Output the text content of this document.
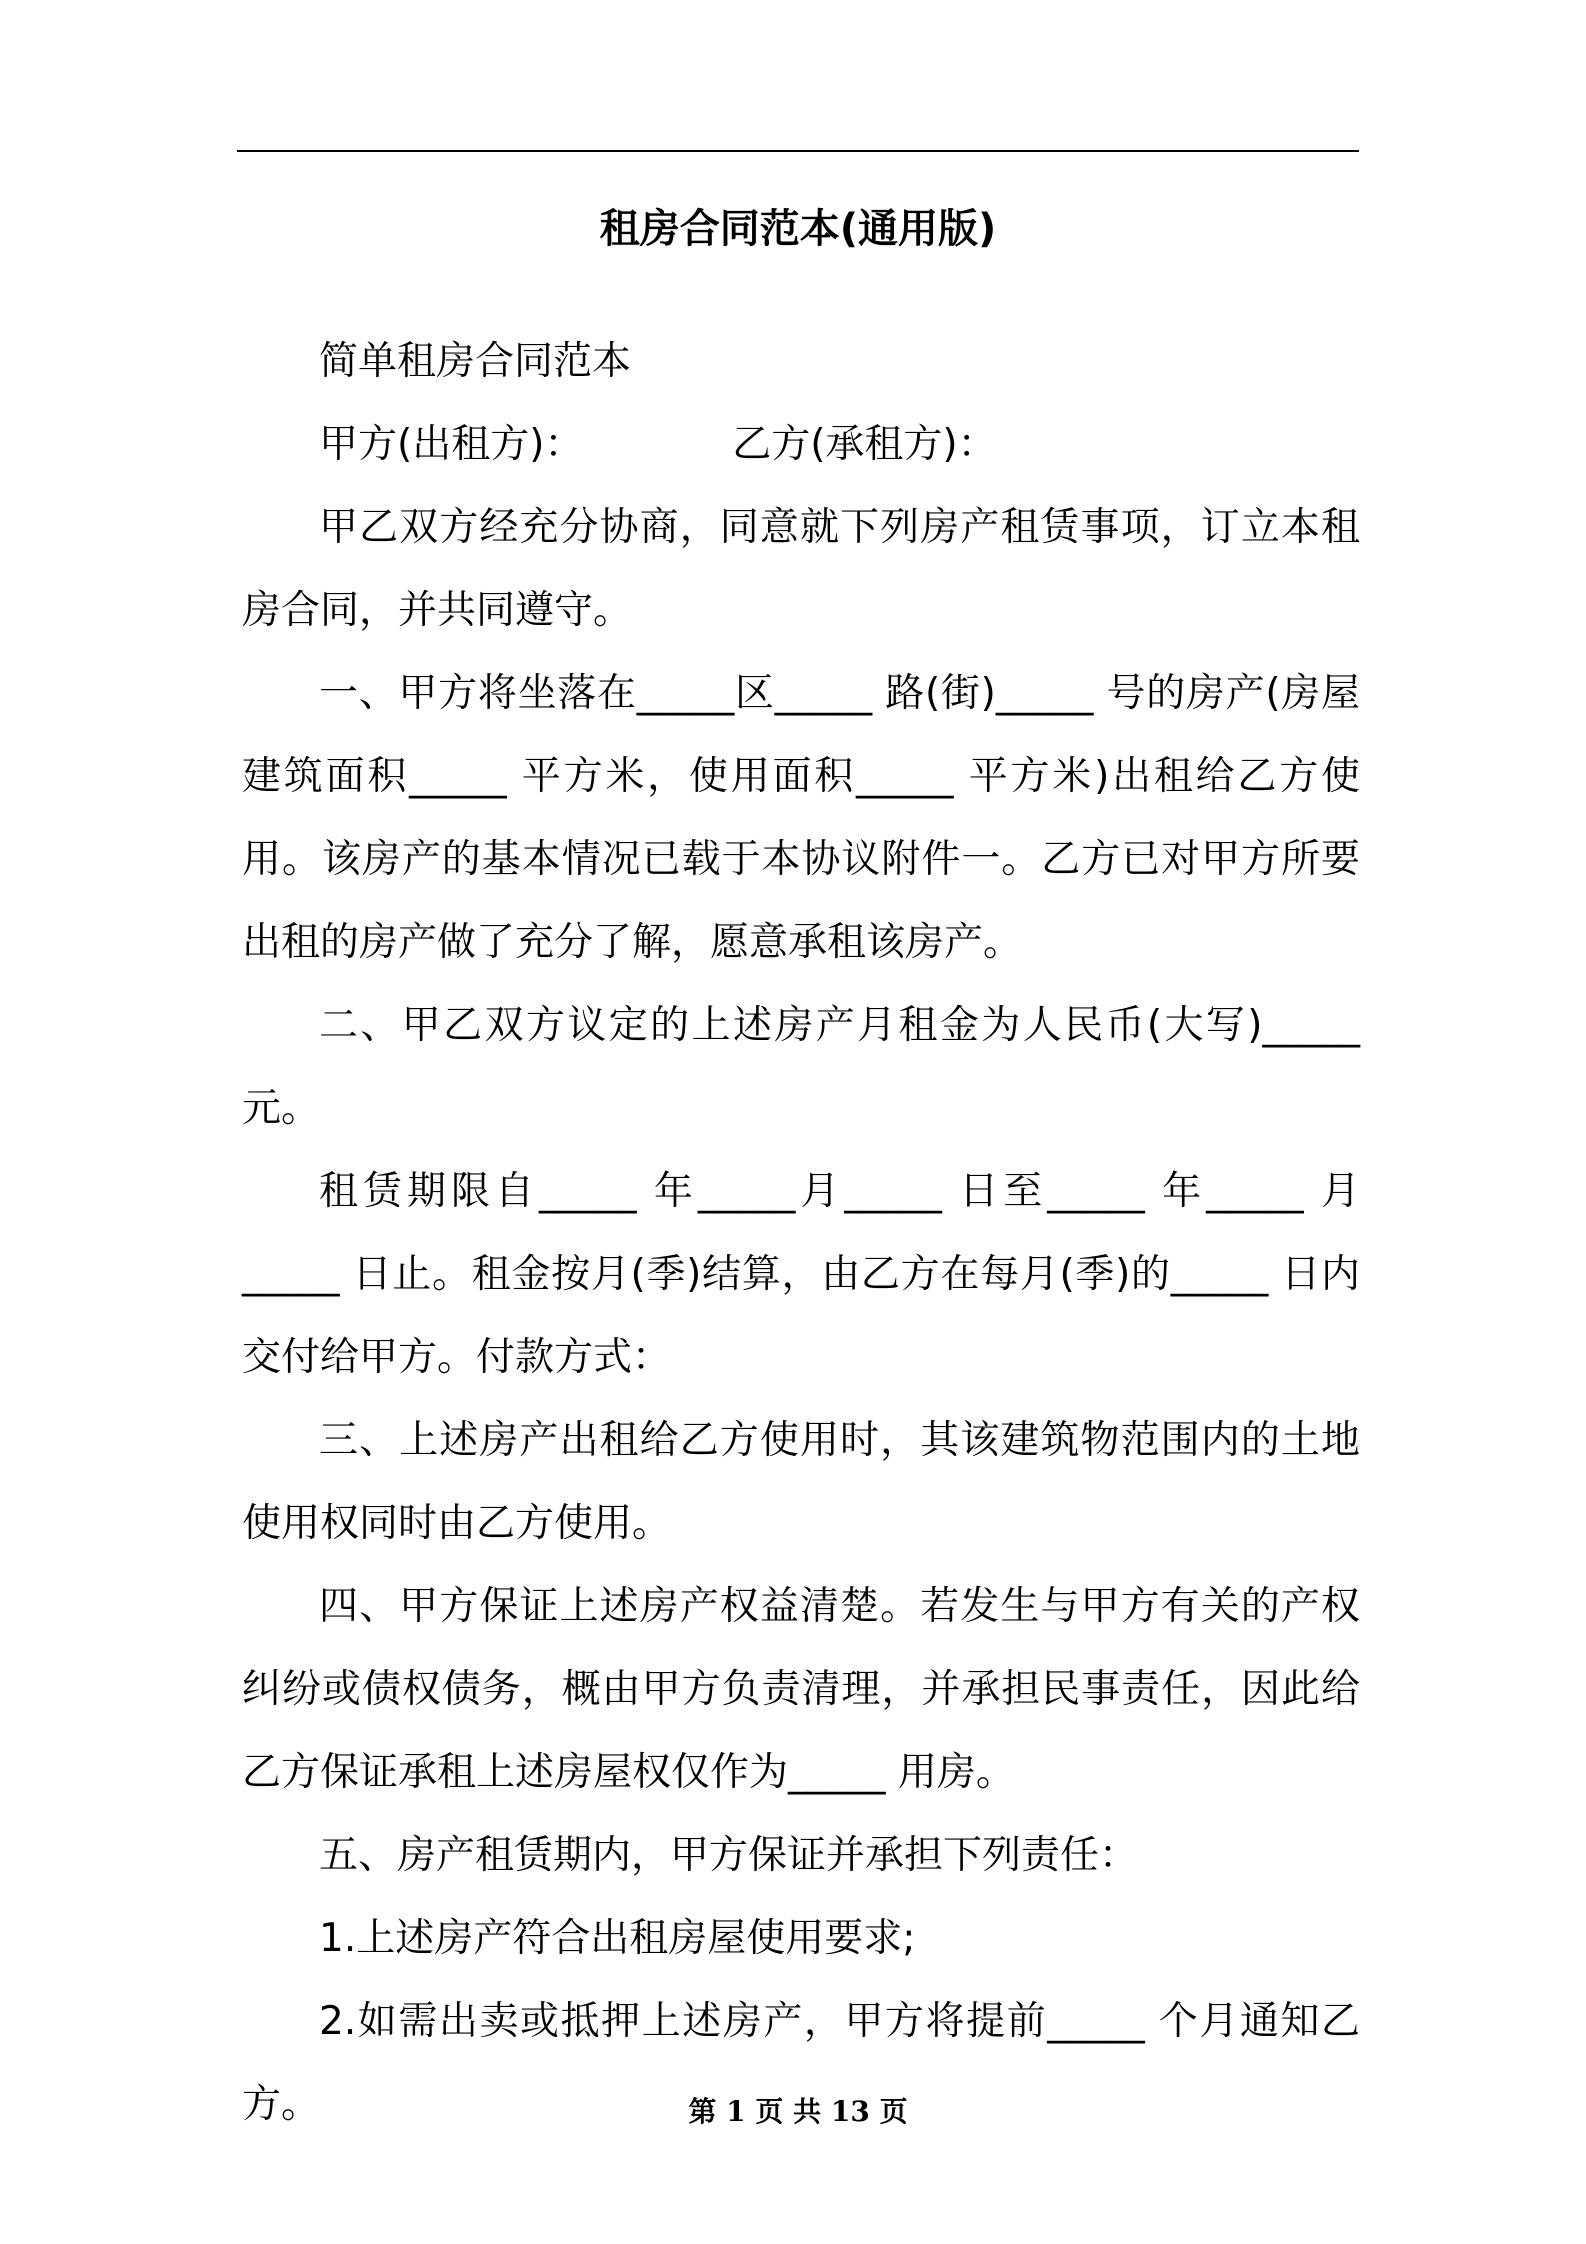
租房合同范本(通用版)

简单租房合同范本

甲方(出租方)：            乙方(承租方)：

甲乙双方经充分协商，同意就下列房产租赁事项，订立本租房合同，并共同遵守。

一、甲方将坐落在_____区_____ 路(街)_____ 号的房产(房屋建筑面积_____ 平方米，使用面积_____ 平方米)出租给乙方使用。该房产的基本情况已载于本协议附件一。乙方已对甲方所要出租的房产做了充分了解，愿意承租该房产。

二、甲乙双方议定的上述房产月租金为人民币(大写)_____ 元。

租赁期限自_____ 年_____月_____ 日至_____ 年_____ 月_____ 日止。租金按月(季)结算，由乙方在每月(季)的_____ 日内交付给甲方。付款方式：

三、上述房产出租给乙方使用时，其该建筑物范围内的土地使用权同时由乙方使用。

四、甲方保证上述房产权益清楚。若发生与甲方有关的产权纠纷或债权债务，概由甲方负责清理，并承担民事责任，因此给乙方保证承租上述房屋权仅作为_____ 用房。

五、房产租赁期内，甲方保证并承担下列责任：

1.上述房产符合出租房屋使用要求;

2.如需出卖或抵押上述房产，甲方将提前_____ 个月通知乙方。	第 1 页 共 13 页
